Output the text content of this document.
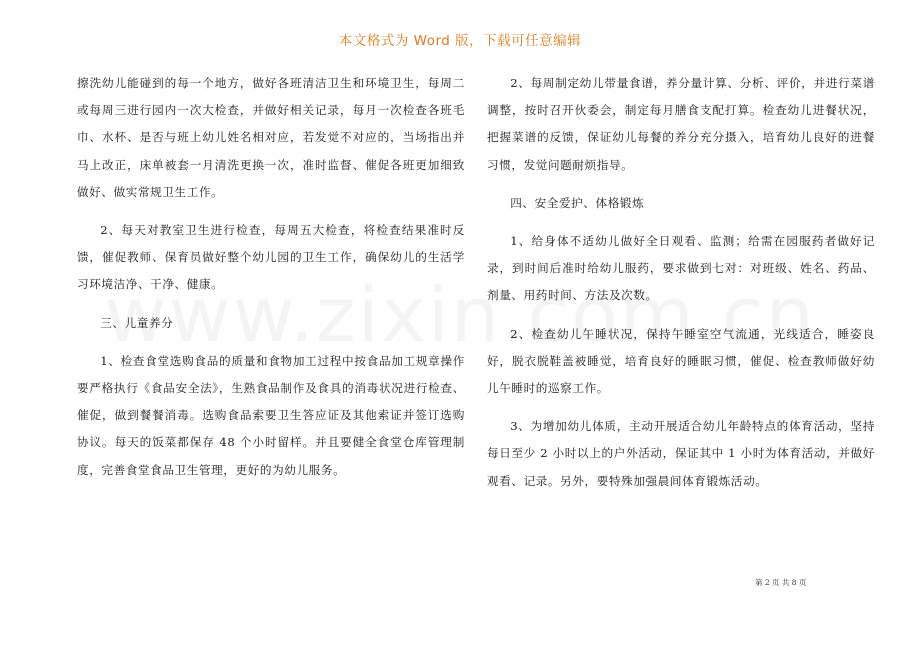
本文格式为 Word 版，下载可任意编辑

擦洗幼儿能碰到的每一个地方，做好各班清洁卫生和环境卫生，每周二或每周三进行园内一次大检查，并做好相关记录，每月一次检查各班毛巾、水杯、是否与班上幼儿姓名相对应，若发觉不对应的，当场指出并马上改正，床单被套一月清洗更换一次，准时监督、催促各班更加细致做好、做实常规卫生工作。

2、每天对教室卫生进行检查，每周五大检查，将检查结果准时反馈，催促教师、保育员做好整个幼儿园的卫生工作，确保幼儿的生活学习环境洁净、干净、健康。

三、儿童养分

1、检查食堂选购食品的质量和食物加工过程中按食品加工规章操作要严格执行《食品安全法》，生熟食品制作及食具的消毒状况进行检查、催促，做到餐餐消毒。选购食品索要卫生答应证及其他索证并签订选购协议。每天的饭菜都保存 48 个小时留样。并且要健全食堂仓库管理制度，完善食堂食品卫生管理，更好的为幼儿服务。

2、每周制定幼儿带量食谱，养分量计算、分析、评价，并进行菜谱调整，按时召开伙委会，制定每月膳食支配打算。检查幼儿进餐状况，把握菜谱的反馈，保证幼儿每餐的养分充分摄入，培育幼儿良好的进餐习惯，发觉问题耐烦指导。

四、安全爱护、体格锻炼

1、给身体不适幼儿做好全日观看、监测；给需在园服药者做好记录，到时间后准时给幼儿服药，要求做到七对：对班级、姓名、药品、剂量、用药时间、方法及次数。

2、检查幼儿午睡状况，保持午睡室空气流通，光线适合，睡姿良好，脱衣脱鞋盖被睡觉，培育良好的睡眠习惯，催促、检查教师做好幼儿午睡时的巡察工作。

3、为增加幼儿体质，主动开展适合幼儿年龄特点的体育活动，坚持每日至少 2 小时以上的户外活动，保证其中 1 小时为体育活动，并做好观看、记录。另外，要特殊加强晨间体育锻炼活动。

第 2 页 共 8 页
